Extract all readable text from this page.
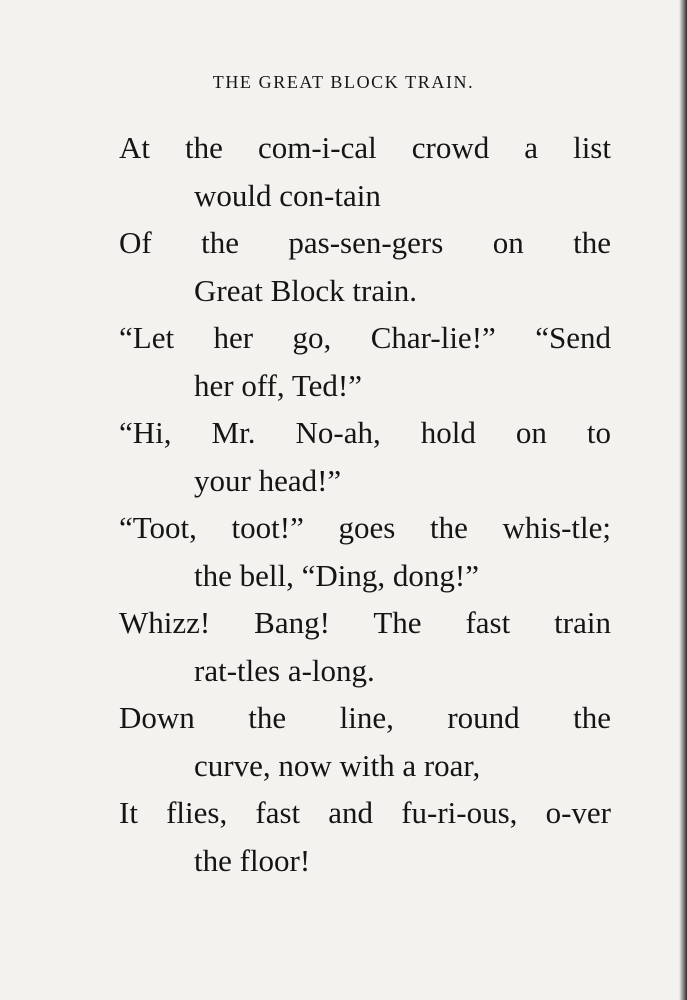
THE GREAT BLOCK TRAIN.
At the com-i-cal crowd a list
would con-tain
Of the pas-sen-gers on the
Great Block train.
“Let her go, Char-lie!” “Send
her off, Ted!”
“Hi, Mr. No-ah, hold on to
your head!”
“Toot, toot!” goes the whis-tle;
the bell, “Ding, dong!”
Whizz! Bang! The fast train
rat-tles a-long.
Down the line, round the
curve, now with a roar,
It flies, fast and fu-ri-ous, o-ver
the floor!
